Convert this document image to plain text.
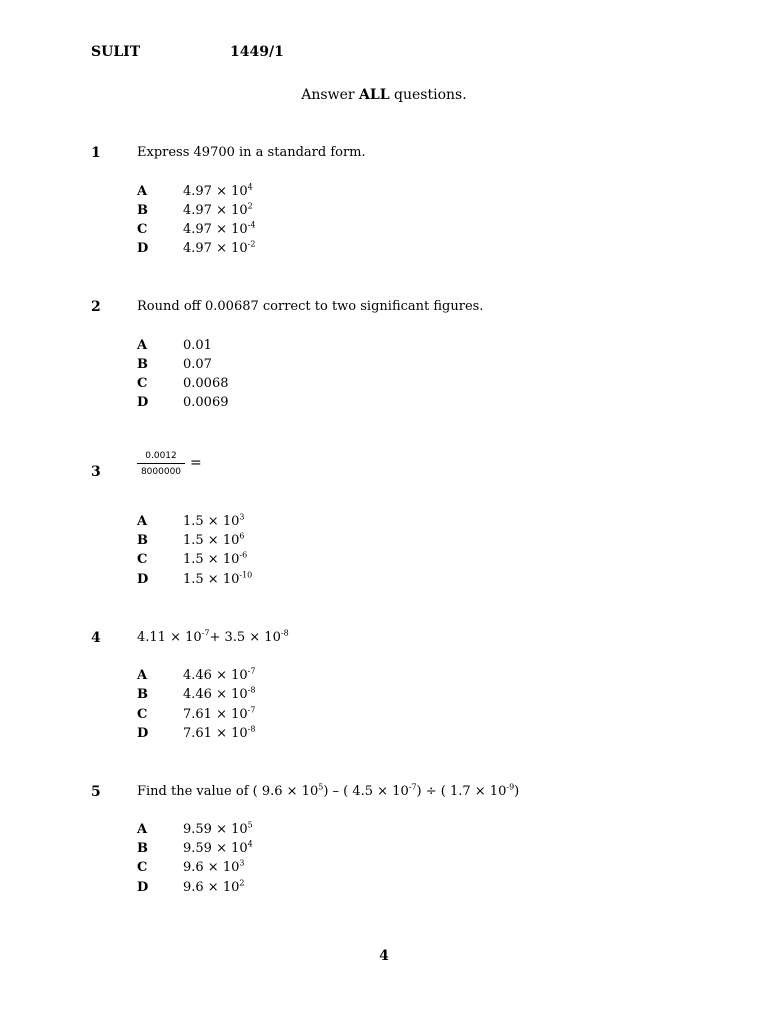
SULIT	1449/1
Answer ALL questions.
1	Express 49700 in a standard form.
A	$4.97 \times 10^4$
B	$4.97 \times 10^2$
C	$4.97 \times 10^{-4}$
D	$4.97 \times 10^{-2}$
2	Round off 0.00687 correct to two significant figures.
A	0.01
B	0.07
C	0.0068
D	0.0069
3	$\frac{0.0012}{8000000}$ =
A	$1.5 \times 10^3$
B	$1.5 \times 10^6$
C	$1.5 \times 10^{-6}$
D	$1.5 \times 10^{-10}$
4	$4.11 \times 10^{-7}+ 3.5 \times 10^{-8}$
A	$4.46 \times 10^{-7}$
B	$4.46 \times 10^{-8}$
C	$7.61 \times 10^{-7}$
D	$7.61 \times 10^{-8}$
5	Find the value of ( $9.6 \times 10^5$) – ( $4.5 \times 10^{-7}$) ÷ ( $1.7 \times 10^{-9}$)
A	$9.59 \times 10^5$
B	$9.59 \times 10^4$
C	$9.6 \times 10^3$
D	$9.6 \times 10^2$
4
